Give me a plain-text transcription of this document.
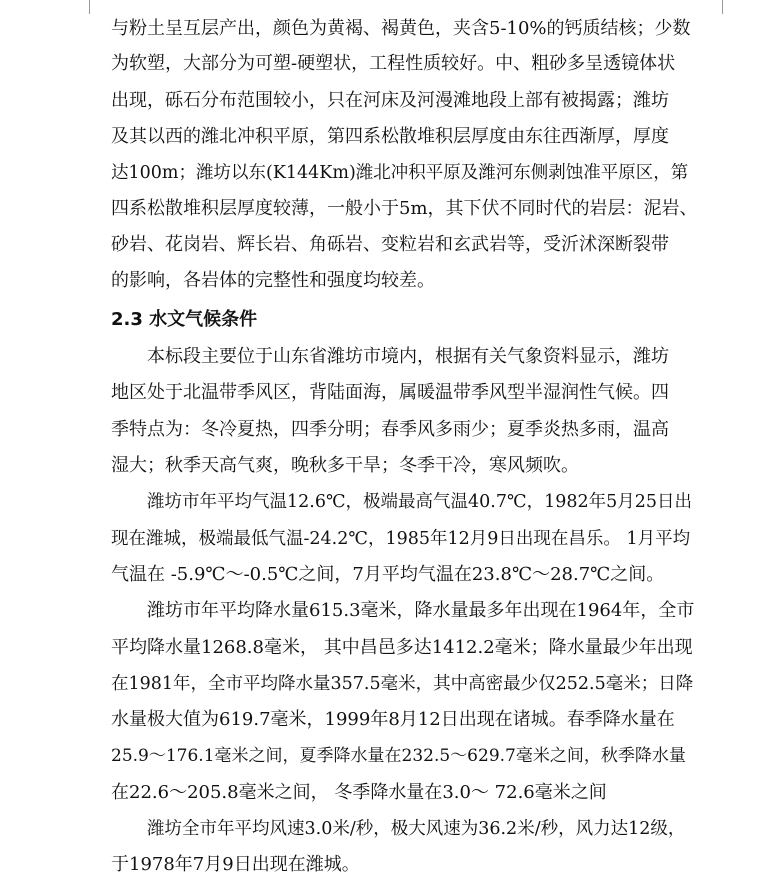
与粉土呈互层产出，颜色为黄褐、褐黄色，夹含5-10%的钙质结核；少数
为软塑，大部分为可塑-硬塑状，工程性质较好。中、粗砂多呈透镜体状
出现，砾石分布范围较小，只在河床及河漫滩地段上部有被揭露；潍坊
及其以西的潍北冲积平原，第四系松散堆积层厚度由东往西渐厚，厚度
达100m；潍坊以东(K144Km)潍北冲积平原及潍河东侧剥蚀准平原区，第
四系松散堆积层厚度较薄，一般小于5m，其下伏不同时代的岩层：泥岩、
砂岩、花岗岩、辉长岩、角砾岩、变粒岩和玄武岩等，受沂沭深断裂带
的影响，各岩体的完整性和强度均较差。
2.3 水文气候条件
本标段主要位于山东省潍坊市境内，根据有关气象资料显示，潍坊
地区处于北温带季风区，背陆面海，属暖温带季风型半湿润性气候。四
季特点为：冬冷夏热，四季分明；春季风多雨少；夏季炎热多雨，温高
湿大；秋季天高气爽，晚秋多干旱；冬季干冷，寒风频吹。
潍坊市年平均气温12.6℃，极端最高气温40.7℃，1982年5月25日出
现在潍城，极端最低气温-24.2℃，1985年12月9日出现在昌乐。 1月平均
气温在 -5.9℃～-0.5℃之间，7月平均气温在23.8℃～28.7℃之间。
潍坊市年平均降水量615.3毫米，降水量最多年出现在1964年，全市
平均降水量1268.8毫米， 其中昌邑多达1412.2毫米；降水量最少年出现
在1981年，全市平均降水量357.5毫米，其中高密最少仅252.5毫米；日降
水量极大值为619.7毫米，1999年8月12日出现在诸城。春季降水量在
25.9～176.1毫米之间，夏季降水量在232.5～629.7毫米之间，秋季降水量
在22.6～205.8毫米之间， 冬季降水量在3.0～ 72.6毫米之间
潍坊全市年平均风速3.0米/秒，极大风速为36.2米/秒，风力达12级，
于1978年7月9日出现在潍城。
